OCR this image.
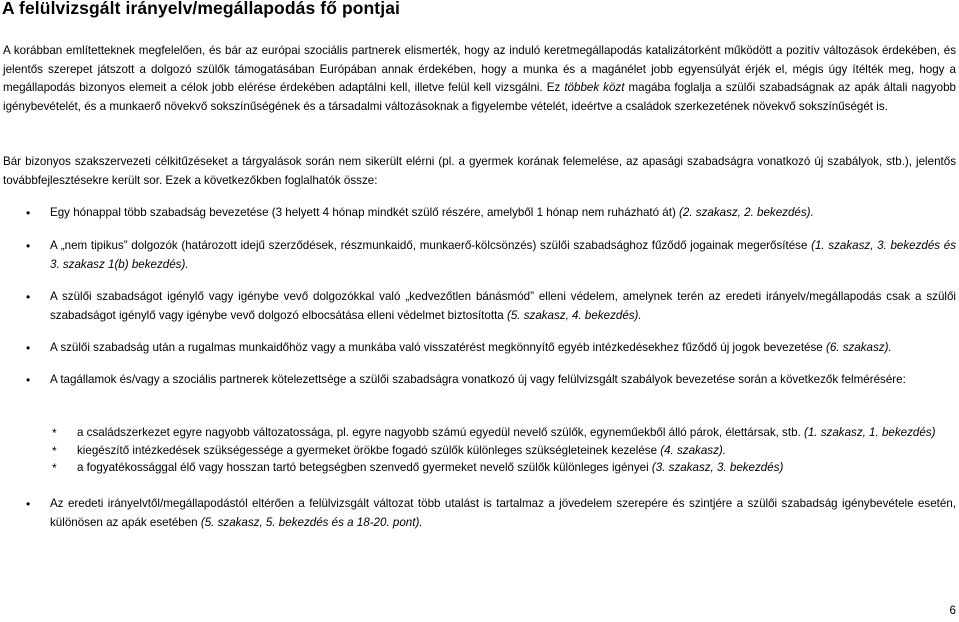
A felülvizsgált irányelv/megállapodás fő pontjai

A korábban említetteknek megfelelően, és bár az európai szociális partnerek elismerték, hogy az induló keretmegállapodás katalizátorként működött a pozitív változások érdekében, és jelentős szerepet játszott a dolgozó szülők támogatásában Európában annak érdekében, hogy a munka és a magánélet jobb egyensúlyát érjék el, mégis úgy ítélték meg, hogy a megállapodás bizonyos elemeit a célok jobb elérése érdekében adaptálni kell, illetve felül kell vizsgálni. Ez többek közt magába foglalja a szülői szabadságnak az apák általi nagyobb igénybevételét, és a munkaerő növekvő sokszínűségének és a társadalmi változásoknak a figyelembe vételét, ideértve a családok szerkezetének növekvő sokszínűségét is.

Bár bizonyos szakszervezeti célkitűzéseket a tárgyalások során nem sikerült elérni (pl. a gyermek korának felemelése, az apasági szabadságra vonatkozó új szabályok, stb.), jelentős továbbfejlesztésekre került sor. Ezek a következőkben foglalhatók össze:

• Egy hónappal több szabadság bevezetése (3 helyett 4 hónap mindkét szülő részére, amelyből 1 hónap nem ruházható át) (2. szakasz, 2. bekezdés).

• A „nem tipikus” dolgozók (határozott idejű szerződések, részmunkaidő, munkaerő-kölcsönzés) szülői szabadsághoz fűződő jogainak megerősítése (1. szakasz, 3. bekezdés és 3. szakasz 1(b) bekezdés).

• A szülői szabadságot igénylő vagy igénybe vevő dolgozókkal való „kedvezőtlen bánásmód” elleni védelem, amelynek terén az eredeti irányelv/megállapodás csak a szülői szabadságot igénylő vagy igénybe vevő dolgozó elbocsátása elleni védelmet biztosította (5. szakasz, 4. bekezdés).

• A szülői szabadság után a rugalmas munkaidőhöz vagy a munkába való visszatérést megkönnyítő egyéb intézkedésekhez fűződő új jogok bevezetése (6. szakasz).

• A tagállamok és/vagy a szociális partnerek kötelezettsége a szülői szabadságra vonatkozó új vagy felülvizsgált szabályok bevezetése során a következők felmérésére:

* a családszerkezet egyre nagyobb változatossága, pl. egyre nagyobb számú egyedül nevelő szülők, egyneműekből álló párok, élettársak, stb. (1. szakasz, 1. bekezdés)

* kiegészítő intézkedések szükségessége a gyermeket örökbe fogadó szülők különleges szükségleteinek kezelése (4. szakasz).

* a fogyatékossággal élő vagy hosszan tartó betegségben szenvedő gyermeket nevelő szülők különleges igényei (3. szakasz, 3. bekezdés)

• Az eredeti irányelvtől/megállapodástól eltérően a felülvizsgált változat több utalást is tartalmaz a jövedelem szerepére és szintjére a szülői szabadság igénybevétele esetén, különösen az apák esetében (5. szakasz, 5. bekezdés és a 18-20. pont).

6
